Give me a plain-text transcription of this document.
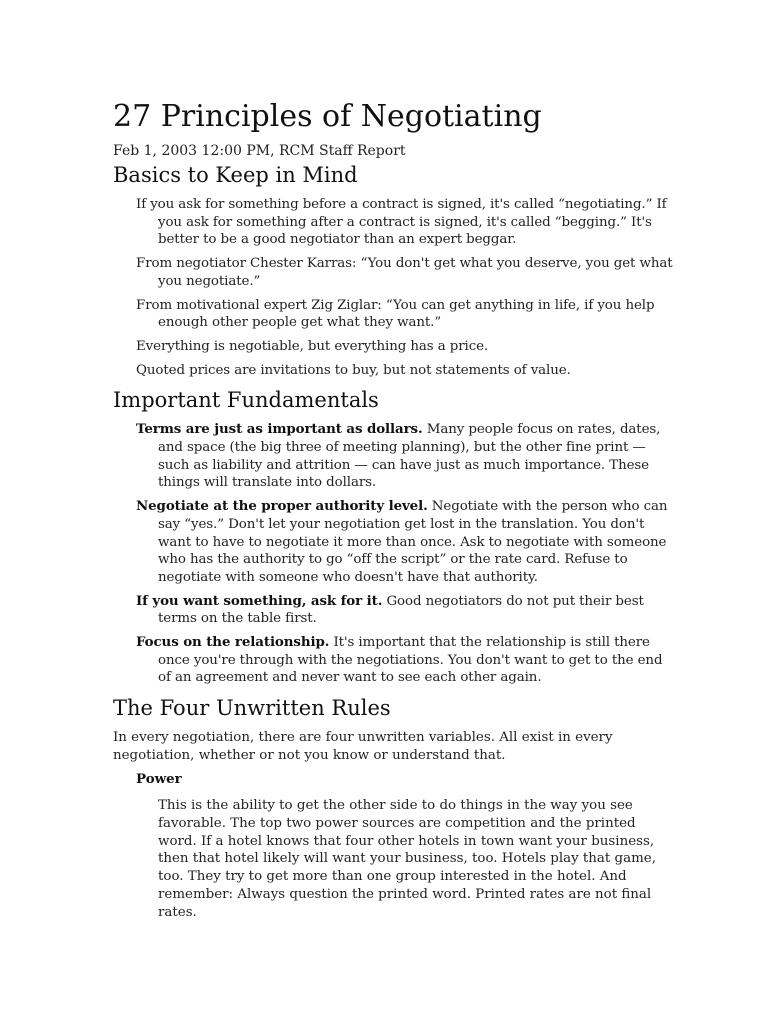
27 Principles of Negotiating
Feb 1, 2003 12:00 PM, RCM Staff Report
Basics to Keep in Mind
If you ask for something before a contract is signed, it's called “negotiating.” If you ask for something after a contract is signed, it's called “begging.” It's better to be a good negotiator than an expert beggar.
From negotiator Chester Karras: “You don't get what you deserve, you get what you negotiate.”
From motivational expert Zig Ziglar: “You can get anything in life, if you help enough other people get what they want.”
Everything is negotiable, but everything has a price.
Quoted prices are invitations to buy, but not statements of value.
Important Fundamentals
Terms are just as important as dollars. Many people focus on rates, dates, and space (the big three of meeting planning), but the other fine print — such as liability and attrition — can have just as much importance. These things will translate into dollars.
Negotiate at the proper authority level. Negotiate with the person who can say “yes.” Don't let your negotiation get lost in the translation. You don't want to have to negotiate it more than once. Ask to negotiate with someone who has the authority to go “off the script” or the rate card. Refuse to negotiate with someone who doesn't have that authority.
If you want something, ask for it. Good negotiators do not put their best terms on the table first.
Focus on the relationship. It's important that the relationship is still there once you're through with the negotiations. You don't want to get to the end of an agreement and never want to see each other again.
The Four Unwritten Rules
In every negotiation, there are four unwritten variables. All exist in every negotiation, whether or not you know or understand that.
Power
This is the ability to get the other side to do things in the way you see favorable. The top two power sources are competition and the printed word. If a hotel knows that four other hotels in town want your business, then that hotel likely will want your business, too. Hotels play that game, too. They try to get more than one group interested in the hotel. And remember: Always question the printed word. Printed rates are not final rates.
